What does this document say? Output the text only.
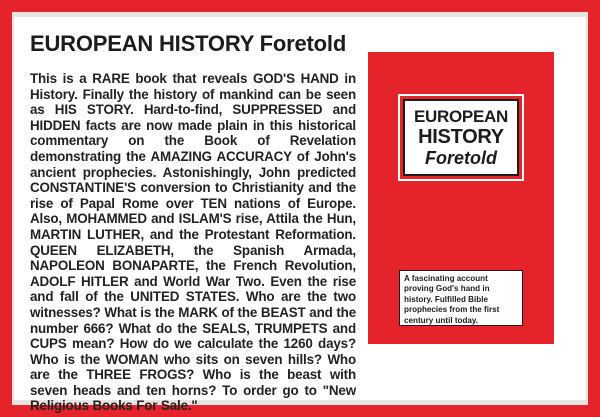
EUROPEAN HISTORY Foretold

This is a RARE book that reveals GOD'S HAND in History. Finally the history of mankind can be seen as HIS STORY. Hard-to-find, SUPPRESSED and HIDDEN facts are now made plain in this historical commentary on the Book of Revelation demonstrating the AMAZING ACCURACY of John's ancient prophecies. Astonishingly, John predicted CONSTANTINE'S conversion to Christianity and the rise of Papal Rome over TEN nations of Europe. Also, MOHAMMED and ISLAM'S rise, Attila the Hun, MARTIN LUTHER, and the Protestant Reformation. QUEEN ELIZABETH, the Spanish Armada, NAPOLEON BONAPARTE, the French Revolution, ADOLF HITLER and World War Two. Even the rise and fall of the UNITED STATES. Who are the two witnesses? What is the MARK of the BEAST and the number 666? What do the SEALS, TRUMPETS and CUPS mean? How do we calculate the 1260 days? Who is the WOMAN who sits on seven hills? Who are the THREE FROGS? Who is the beast with seven heads and ten horns? To order go to "New Religious Books For Sale."

EUROPEAN
HISTORY
Foretold

A fascinating account proving God's hand in history. Fulfilled Bible prophecies from the first century until today.
